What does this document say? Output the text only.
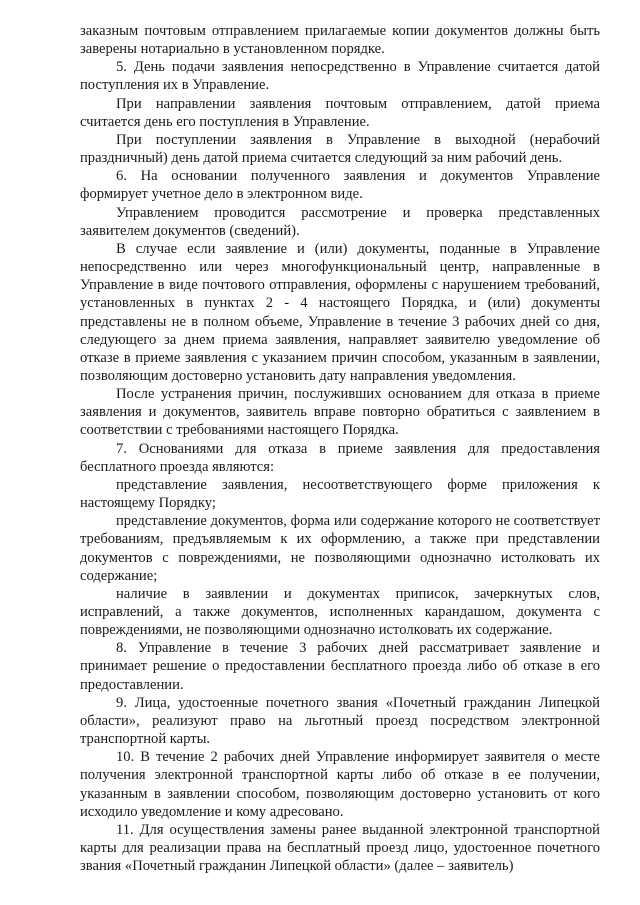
заказным почтовым отправлением прилагаемые копии документов должны быть заверены нотариально в установленном порядке.

5. День подачи заявления непосредственно в Управление считается датой поступления их в Управление.

При направлении заявления почтовым отправлением, датой приема считается день его поступления в Управление.

При поступлении заявления в Управление в выходной (нерабочий праздничный) день датой приема считается следующий за ним рабочий день.

6. На основании полученного заявления и документов Управление формирует учетное дело в электронном виде.

Управлением проводится рассмотрение и проверка представленных заявителем документов (сведений).

В случае если заявление и (или) документы, поданные в Управление непосредственно или через многофункциональный центр, направленные в Управление в виде почтового отправления, оформлены с нарушением требований, установленных в пунктах 2 - 4 настоящего Порядка, и (или) документы представлены не в полном объеме, Управление в течение 3 рабочих дней со дня, следующего за днем приема заявления, направляет заявителю уведомление об отказе в приеме заявления с указанием причин способом, указанным в заявлении, позволяющим достоверно установить дату направления уведомления.

После устранения причин, послуживших основанием для отказа в приеме заявления и документов, заявитель вправе повторно обратиться с заявлением в соответствии с требованиями настоящего Порядка.

7. Основаниями для отказа в приеме заявления для предоставления бесплатного проезда являются:

представление заявления, несоответствующего форме приложения к настоящему Порядку;

представление документов, форма или содержание которого не соответствует требованиям, предъявляемым к их оформлению, а также при представлении документов с повреждениями, не позволяющими однозначно истолковать их содержание;

наличие в заявлении и документах приписок, зачеркнутых слов, исправлений, а также документов, исполненных карандашом, документа с повреждениями, не позволяющими однозначно истолковать их содержание.

8. Управление в течение 3 рабочих дней рассматривает заявление и принимает решение о предоставлении бесплатного проезда либо об отказе в его предоставлении.

9. Лица, удостоенные почетного звания «Почетный гражданин Липецкой области», реализуют право на льготный проезд посредством электронной транспортной карты.

10. В течение 2 рабочих дней Управление информирует заявителя о месте получения электронной транспортной карты либо об отказе в ее получении, указанным в заявлении способом, позволяющим достоверно установить от кого исходило уведомление и кому адресовано.

11. Для осуществления замены ранее выданной электронной транспортной карты для реализации права на бесплатный проезд лицо, удостоенное почетного звания «Почетный гражданин Липецкой области» (далее – заявитель)
